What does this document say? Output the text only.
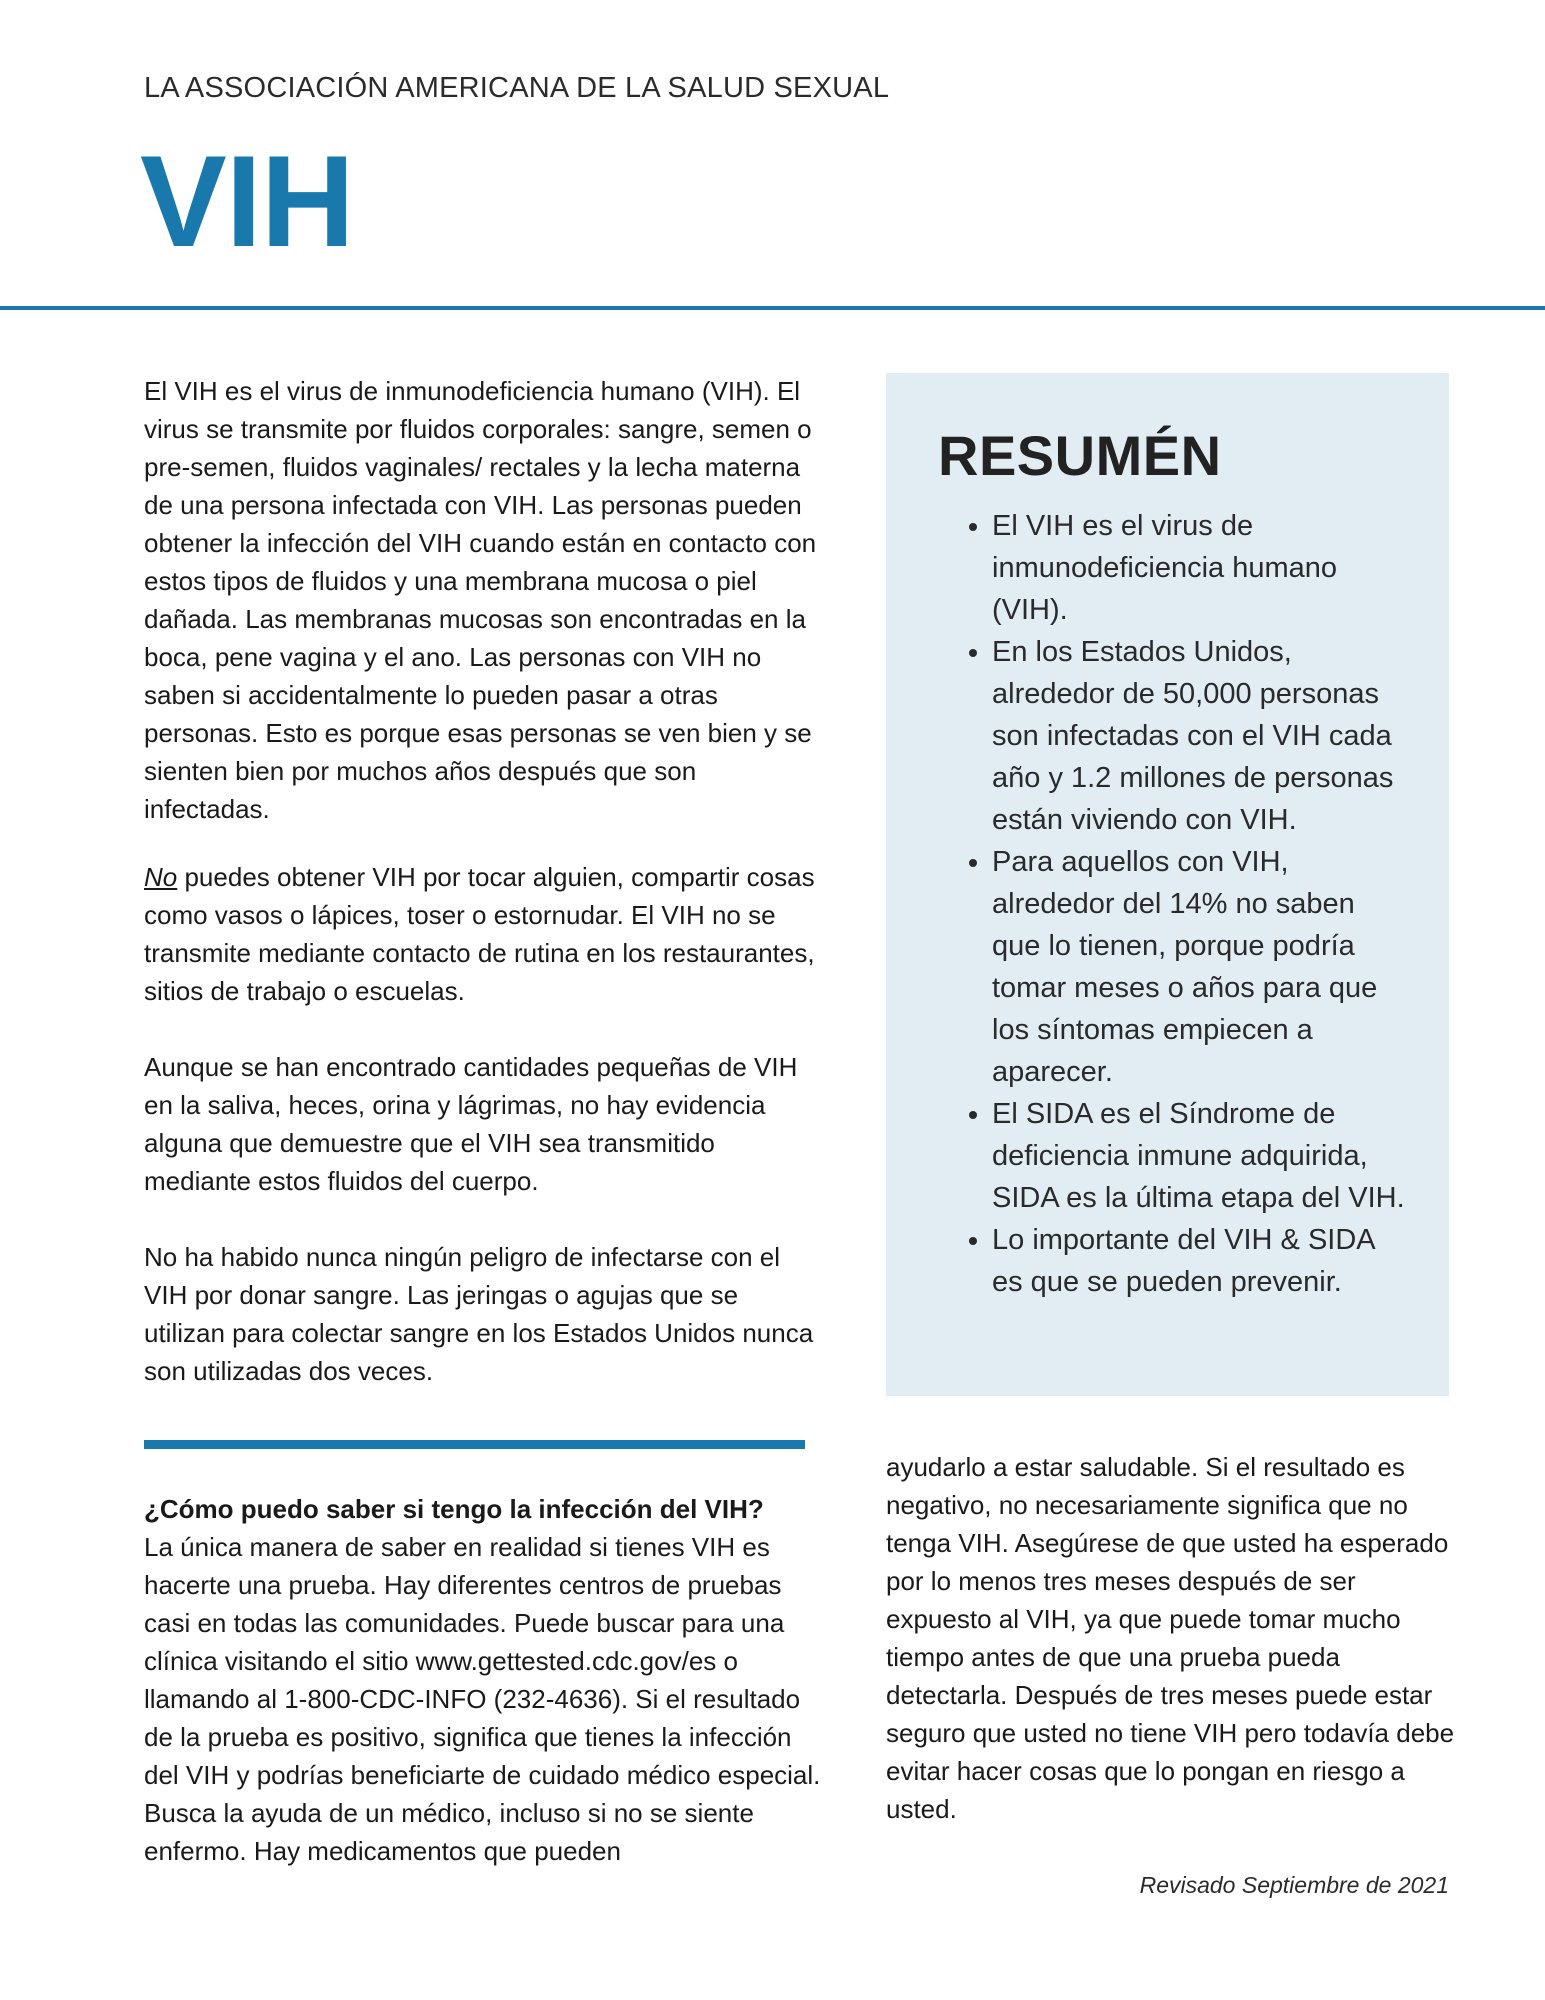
LA ASSOCIACIÓN AMERICANA DE LA SALUD SEXUAL
VIH

El VIH es el virus de inmunodeficiencia humano (VIH). El virus se transmite por fluidos corporales: sangre, semen o pre-semen, fluidos vaginales/ rectales y la lecha materna de una persona infectada con VIH. Las personas pueden obtener la infección del VIH cuando están en contacto con estos tipos de fluidos y una membrana mucosa o piel dañada. Las membranas mucosas son encontradas en la boca, pene vagina y el ano. Las personas con VIH no saben si accidentalmente lo pueden pasar a otras personas. Esto es porque esas personas se ven bien y se sienten bien por muchos años después que son infectadas.

No puedes obtener VIH por tocar alguien, compartir cosas como vasos o lápices, toser o estornudar. El VIH no se transmite mediante contacto de rutina en los restaurantes, sitios de trabajo o escuelas.

Aunque se han encontrado cantidades pequeñas de VIH en la saliva, heces, orina y lágrimas, no hay evidencia alguna que demuestre que el VIH sea transmitido mediante estos fluidos del cuerpo.

No ha habido nunca ningún peligro de infectarse con el VIH por donar sangre. Las jeringas o agujas que se utilizan para colectar sangre en los Estados Unidos nunca son utilizadas dos veces.

RESUMÉN
• El VIH es el virus de inmunodeficiencia humano (VIH).
• En los Estados Unidos, alrededor de 50,000 personas son infectadas con el VIH cada año y 1.2 millones de personas están viviendo con VIH.
• Para aquellos con VIH, alrededor del 14% no saben que lo tienen, porque podría tomar meses o años para que los síntomas empiecen a aparecer.
• El SIDA es el Síndrome de deficiencia inmune adquirida, SIDA es la última etapa del VIH.
• Lo importante del VIH & SIDA es que se pueden prevenir.

¿Cómo puedo saber si tengo la infección del VIH?

La única manera de saber en realidad si tienes VIH es hacerte una prueba. Hay diferentes centros de pruebas casi en todas las comunidades. Puede buscar para una clínica visitando el sitio www.gettested.cdc.gov/es o llamando al 1-800-CDC-INFO (232-4636). Si el resultado de la prueba es positivo, significa que tienes la infección del VIH y podrías beneficiarte de cuidado médico especial. Busca la ayuda de un médico, incluso si no se siente enfermo. Hay medicamentos que pueden

ayudarlo a estar saludable. Si el resultado es negativo, no necesariamente significa que no tenga VIH. Asegúrese de que usted ha esperado por lo menos tres meses después de ser expuesto al VIH, ya que puede tomar mucho tiempo antes de que una prueba pueda detectarla. Después de tres meses puede estar seguro que usted no tiene VIH pero todavía debe evitar hacer cosas que lo pongan en riesgo a usted.

Revisado Septiembre de 2021
